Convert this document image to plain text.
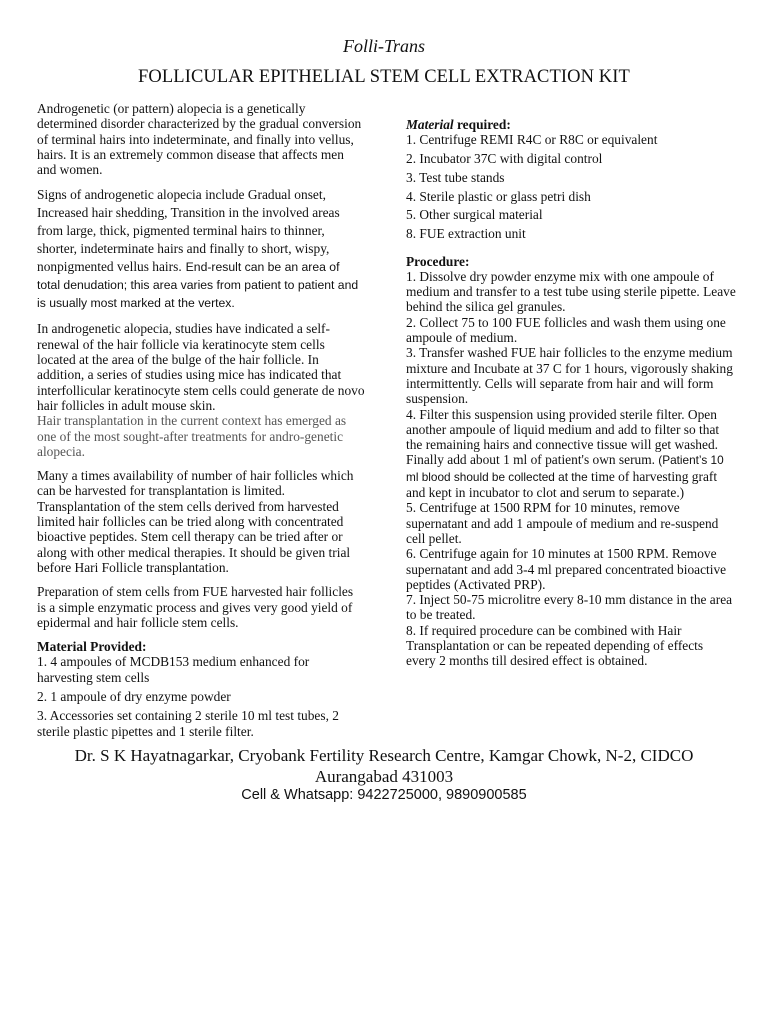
Folli-Trans
FOLLICULAR EPITHELIAL STEM CELL EXTRACTION KIT

Androgenetic (or pattern) alopecia is a genetically determined disorder characterized by the gradual conversion of terminal hairs into indeterminate, and finally into vellus, hairs. It is an extremely common disease that affects men and women.

Signs of androgenetic alopecia include Gradual onset, Increased hair shedding, Transition in the involved areas from large, thick, pigmented terminal hairs to thinner, shorter, indeterminate hairs and finally to short, wispy, nonpigmented vellus hairs. End-result can be an area of total denudation; this area varies from patient to patient and is usually most marked at the vertex.

In androgenetic alopecia, studies have indicated a self-renewal of the hair follicle via keratinocyte stem cells located at the area of the bulge of the hair follicle. In addition, a series of studies using mice has indicated that interfollicular keratinocyte stem cells could generate de novo hair follicles in adult mouse skin.

Hair transplantation in the current context has emerged as one of the most sought-after treatments for andro-genetic alopecia.

Many a times availability of number of hair follicles which can be harvested for transplantation is limited. Transplantation of the stem cells derived from harvested limited hair follicles can be tried along with concentrated bioactive peptides. Stem cell therapy can be tried after or along with other medical therapies. It should be given trial before Hari Follicle transplantation.

Preparation of stem cells from FUE harvested hair follicles is a simple enzymatic process and gives very good yield of epidermal and hair follicle stem cells.

Material Provided:

1. 4 ampoules of MCDB153 medium enhanced for harvesting stem cells

2. 1 ampoule of dry enzyme powder

3. Accessories set containing 2 sterile 10 ml test tubes, 2 sterile plastic pipettes and 1 sterile filter.

Material required:

1. Centrifuge REMI R4C or R8C or equivalent

2. Incubator 37C with digital control

3. Test tube stands

4. Sterile plastic or glass petri dish

5. Other surgical material

8. FUE extraction unit

Procedure:

1. Dissolve dry powder enzyme mix with one ampoule of medium and transfer to a test tube using sterile pipette. Leave behind the silica gel granules.

2. Collect 75 to 100 FUE follicles and wash them using one ampoule of medium.

3. Transfer washed FUE hair follicles to the enzyme medium mixture and Incubate at 37 C for 1 hours, vigorously shaking intermittently. Cells will separate from hair and will form suspension.

4. Filter this suspension using provided sterile filter. Open another ampoule of liquid medium and add to filter so that the remaining hairs and connective tissue will get washed. Finally add about 1 ml of patient's own serum. (Patient’s 10 ml blood should be collected at the time of harvesting graft and kept in incubator to clot and serum to separate.)

5. Centrifuge at 1500 RPM for 10 minutes, remove supernatant and add 1 ampoule of medium and re-suspend cell pellet.

6. Centrifuge again for 10 minutes at 1500 RPM. Remove supernatant and add 3-4 ml prepared concentrated bioactive peptides (Activated PRP).

7. Inject 50-75 microlitre every 8-10 mm distance in the area to be treated.

8. If required procedure can be combined with Hair Transplantation or can be repeated depending of effects every 2 months till desired effect is obtained.

Dr. S K Hayatnagarkar, Cryobank Fertility Research Centre, Kamgar Chowk, N-2, CIDCO
Aurangabad 431003
Cell & Whatsapp: 9422725000, 9890900585
